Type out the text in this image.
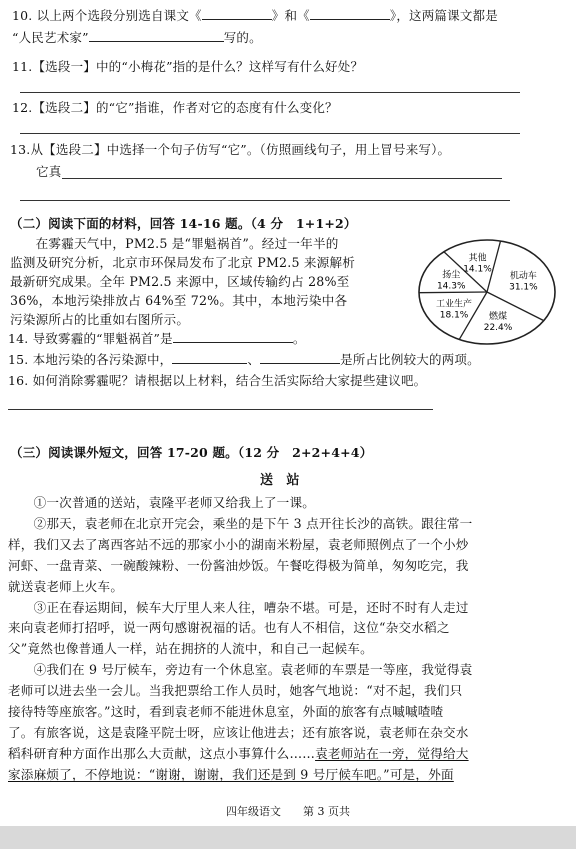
10. 以上两个选段分别选自课文《	》和《	》，这两篇课文都是
“人民艺术家”	写的。
11.【选段一】中的“小梅花”指的是什么？这样写有什么好处？
12.【选段二】的“它”指谁，作者对它的态度有什么变化？
13.从【选段二】中选择一个句子仿写“它”。（仿照画线句子，用上冒号来写）。
它真
（二）阅读下面的材料，回答 14-16 题。（4 分　1+1+2）
　　在雾霾天气中，PM2.5 是“罪魁祸首”。经过一年半的
监测及研究分析，北京市环保局发布了北京 PM2.5 来源解析
最新研究成果。全年 PM2.5 来源中，区域传输约占 28%至
36%，本地污染排放占 64%至 72%。其中，本地污染中各
污染源所占的比重如右图所示。
机动车
31.1%
燃煤
22.4%
工业生产
18.1%
扬尘
14.3%
其他
14.1%
14. 导致雾霾的“罪魁祸首”是	。
15. 本地污染的各污染源中，	、	是所占比例较大的两项。
16. 如何消除雾霾呢？请根据以上材料，结合生活实际给大家提些建议吧。
（三）阅读课外短文，回答 17-20 题。（12 分　2+2+4+4）
送　站
　　①一次普通的送站，袁隆平老师又给我上了一课。
　　②那天，袁老师在北京开完会，乘坐的是下午 3 点开往长沙的高铁。跟往常一
样，我们又去了离西客站不远的那家小小的湖南米粉屋，袁老师照例点了一个小炒
河虾、一盘青菜、一碗酸辣粉、一份酱油炒饭。午餐吃得极为简单，匆匆吃完，我
就送袁老师上火车。
　　③正在春运期间，候车大厅里人来人往，嘈杂不堪。可是，还时不时有人走过
来向袁老师打招呼，说一两句感谢祝福的话。也有人不相信，这位“杂交水稻之
父”竟然也像普通人一样，站在拥挤的人流中，和自己一起候车。
　　④我们在 9 号厅候车，旁边有一个休息室。袁老师的车票是一等座，我觉得袁
老师可以进去坐一会儿。当我把票给工作人员时，她客气地说：“对不起，我们只
接待特等座旅客。”这时，看到袁老师不能进休息室，外面的旅客有点嘁嘁喳喳
了。有旅客说，这是袁隆平院士呀，应该让他进去；还有旅客说，袁老师在杂交水
稻科研育种方面作出那么大贡献，这点小事算什么……袁老师站在一旁，觉得给大
家添麻烦了，不停地说：“谢谢，谢谢，我们还是到 9 号厅候车吧。”可是，外面
四年级语文　　第 3 页共
